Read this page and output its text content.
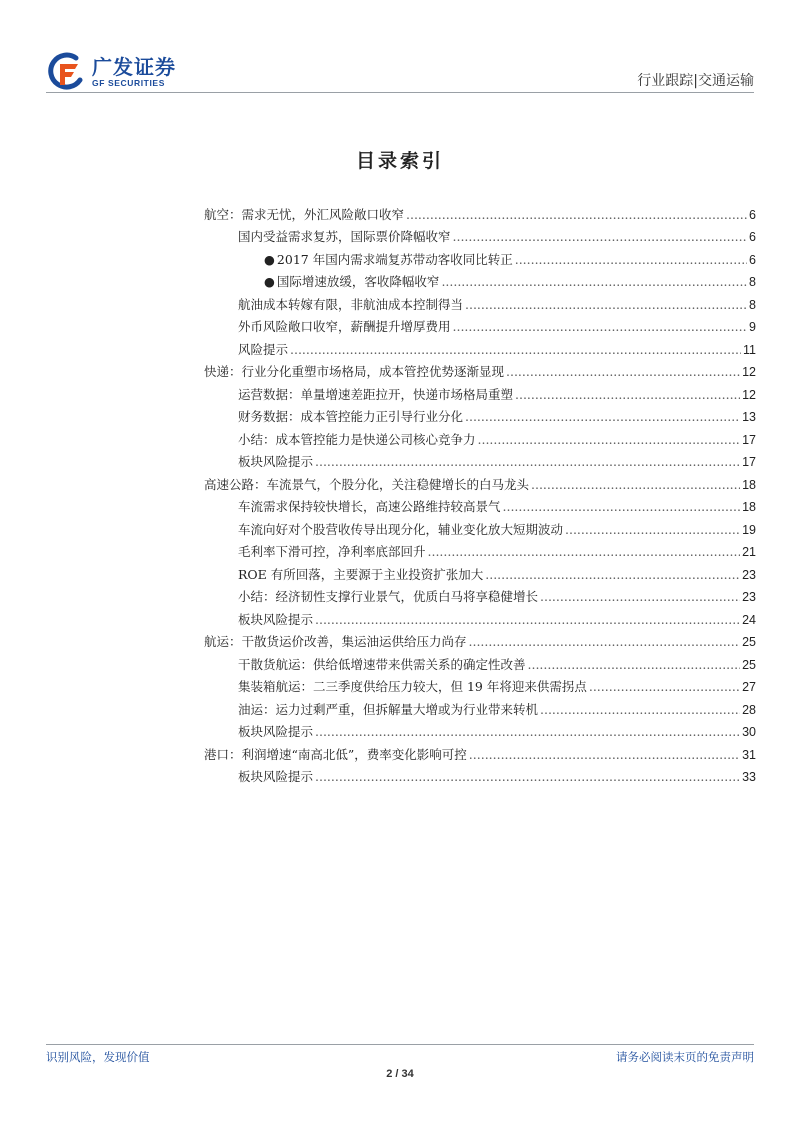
广发证券
GF SECURITIES	行业跟踪|交通运输
目录索引
航空：需求无忧，外汇风险敞口收窄 .....	6
国内受益需求复苏，国际票价降幅收窄 .....	6
● 2017 年国内需求端复苏带动客收同比转正 .....	6
● 国际增速放缓，客收降幅收窄 .....	8
航油成本转嫁有限，非航油成本控制得当 .....	8
外币风险敞口收窄，薪酬提升增厚费用 .....	9
风险提示 .....	11
快递：行业分化重塑市场格局，成本管控优势逐渐显现 .....	12
运营数据：单量增速差距拉开，快递市场格局重塑 .....	12
财务数据：成本管控能力正引导行业分化 .....	13
小结：成本管控能力是快递公司核心竞争力 .....	17
板块风险提示 .....	17
高速公路：车流景气，个股分化，关注稳健增长的白马龙头 .....	18
车流需求保持较快增长，高速公路维持较高景气 .....	18
车流向好对个股营收传导出现分化，辅业变化放大短期波动 .....	19
毛利率下滑可控，净利率底部回升 .....	21
ROE 有所回落，主要源于主业投资扩张加大 .....	23
小结：经济韧性支撑行业景气，优质白马将享稳健增长 .....	23
板块风险提示 .....	24
航运：干散货运价改善，集运油运供给压力尚存 .....	25
干散货航运：供给低增速带来供需关系的确定性改善 .....	25
集装箱航运：二三季度供给压力较大，但 19 年将迎来供需拐点 .....	27
油运：运力过剩严重，但拆解量大增或为行业带来转机 .....	28
板块风险提示 .....	30
港口：利润增速“南高北低”，费率变化影响可控 .....	31
板块风险提示 .....	33
识别风险，发现价值	请务必阅读末页的免责声明
2 / 34
